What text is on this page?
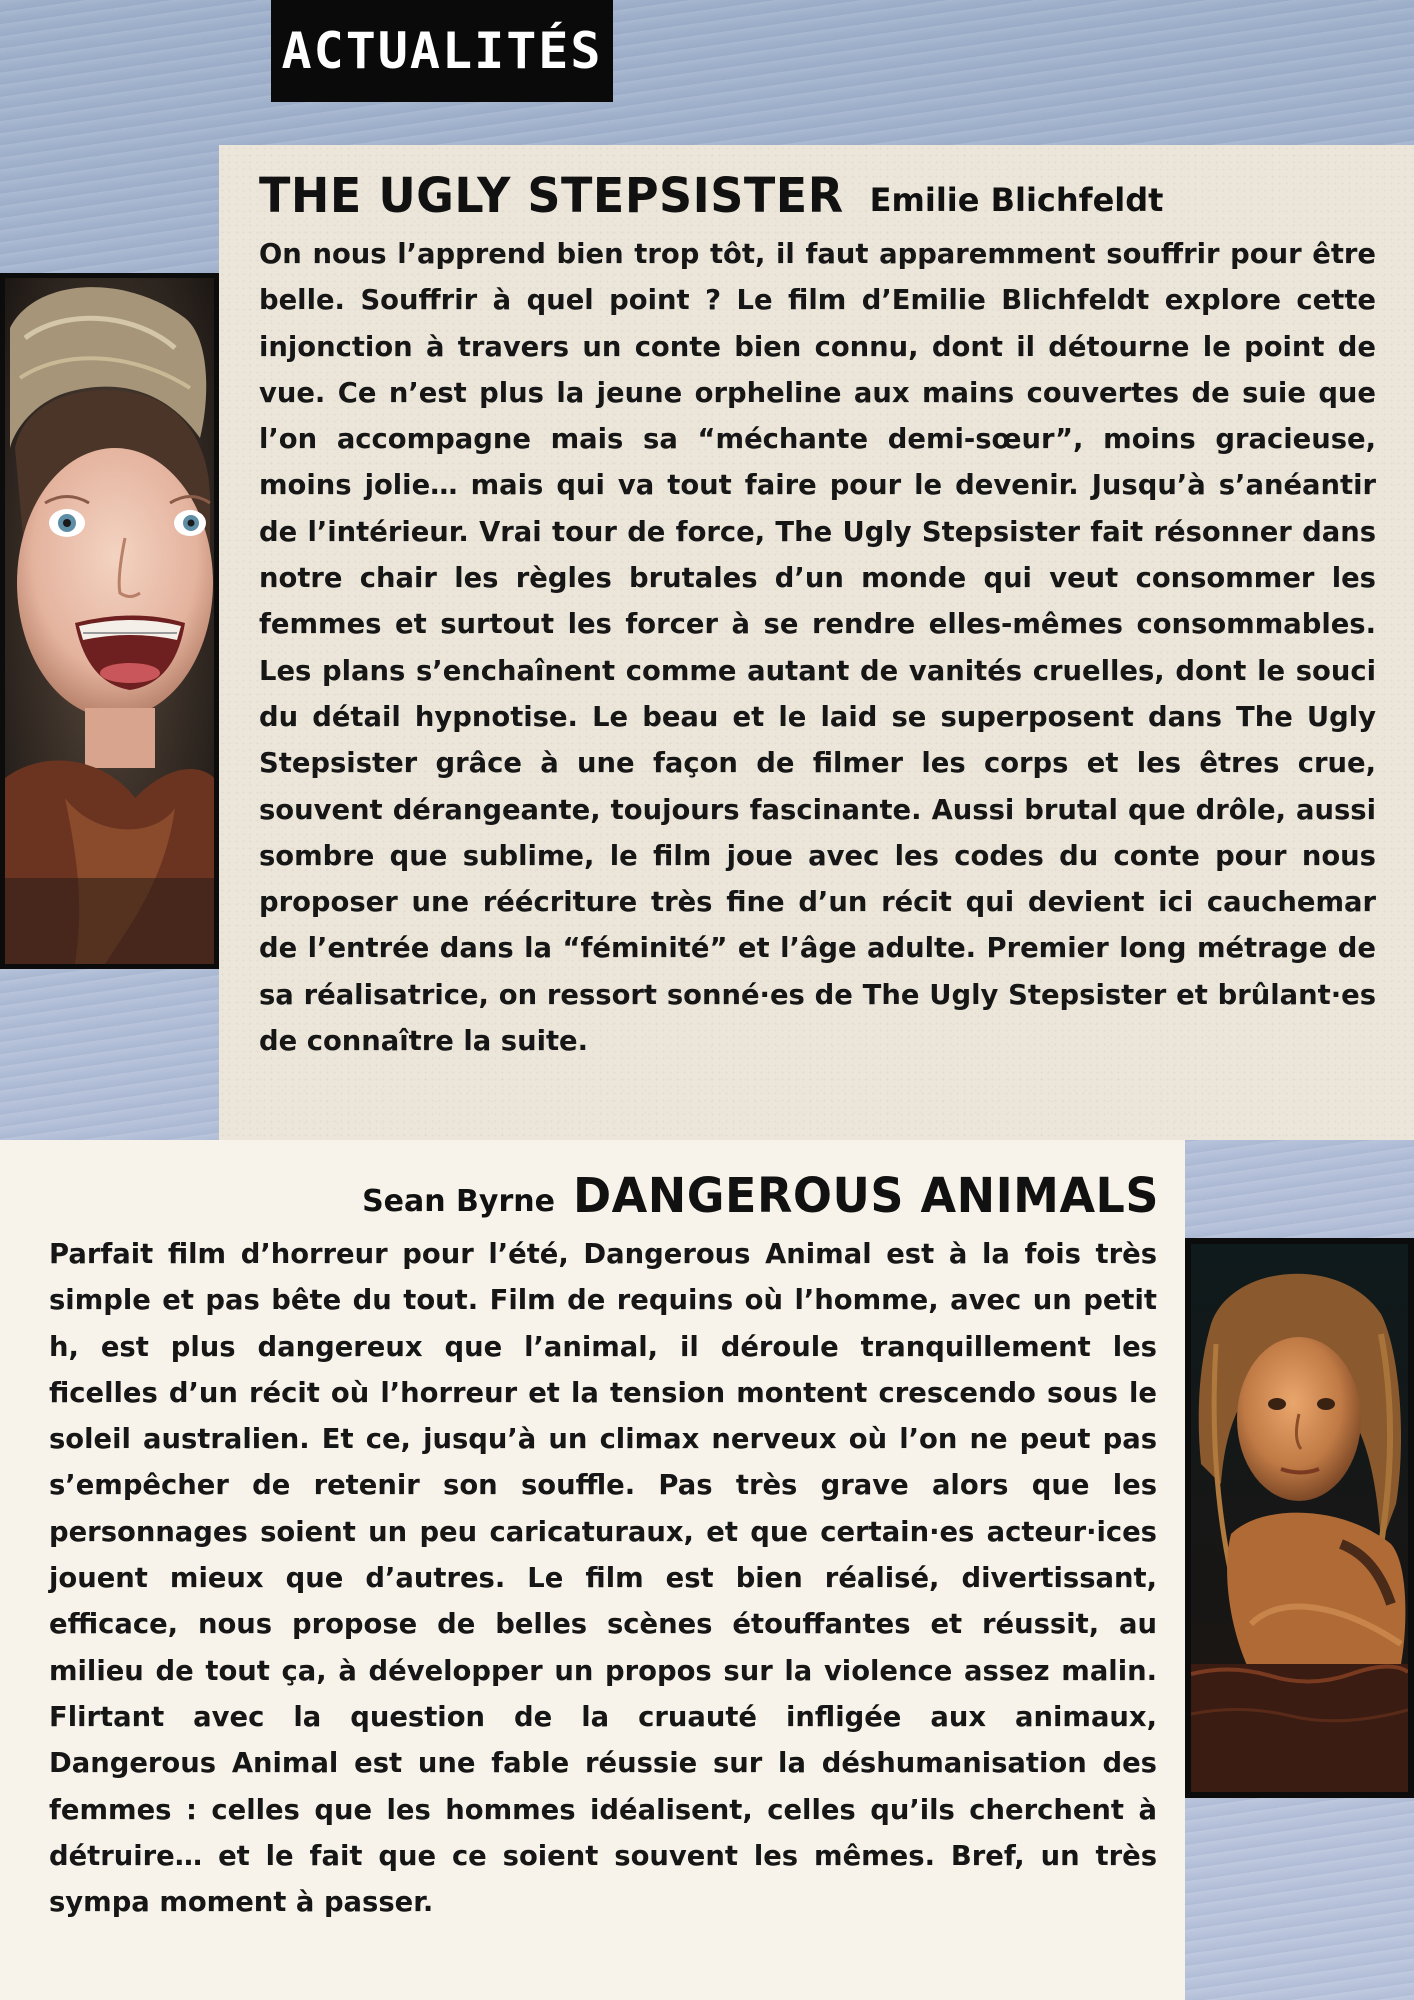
ACTUALITÉS
THE UGLY STEPSISTER Emilie Blichfeldt

On nous l’apprend bien trop tôt, il faut apparemment souffrir pour être belle. Souffrir à quel point ? Le film d’Emilie Blichfeldt explore cette injonction à travers un conte bien connu, dont il détourne le point de vue. Ce n’est plus la jeune orpheline aux mains couvertes de suie que l’on accompagne mais sa “méchante demi-sœur”, moins gracieuse, moins jolie… mais qui va tout faire pour le devenir. Jusqu’à s’anéantir de l’intérieur. Vrai tour de force, The Ugly Stepsister fait résonner dans notre chair les règles brutales d’un monde qui veut consommer les femmes et surtout les forcer à se rendre elles-mêmes consommables. Les plans s’enchaînent comme autant de vanités cruelles, dont le souci du détail hypnotise. Le beau et le laid se superposent dans The Ugly Stepsister grâce à une façon de filmer les corps et les êtres crue, souvent dérangeante, toujours fascinante. Aussi brutal que drôle, aussi sombre que sublime, le film joue avec les codes du conte pour nous proposer une réécriture très fine d’un récit qui devient ici cauchemar de l’entrée dans la “féminité” et l’âge adulte. Premier long métrage de sa réalisatrice, on ressort sonné·es de The Ugly Stepsister et brûlant·es de connaître la suite.

Sean Byrne DANGEROUS ANIMALS

Parfait film d’horreur pour l’été, Dangerous Animal est à la fois très simple et pas bête du tout. Film de requins où l’homme, avec un petit h, est plus dangereux que l’animal, il déroule tranquillement les ficelles d’un récit où l’horreur et la tension montent crescendo sous le soleil australien. Et ce, jusqu’à un climax nerveux où l’on ne peut pas s’empêcher de retenir son souffle. Pas très grave alors que les personnages soient un peu caricaturaux, et que certain·es acteur·ices jouent mieux que d’autres. Le film est bien réalisé, divertissant, efficace, nous propose de belles scènes étouffantes et réussit, au milieu de tout ça, à développer un propos sur la violence assez malin. Flirtant avec la question de la cruauté infligée aux animaux, Dangerous Animal est une fable réussie sur la déshumanisation des femmes : celles que les hommes idéalisent, celles qu’ils cherchent à détruire… et le fait que ce soient souvent les mêmes. Bref, un très sympa moment à passer.
